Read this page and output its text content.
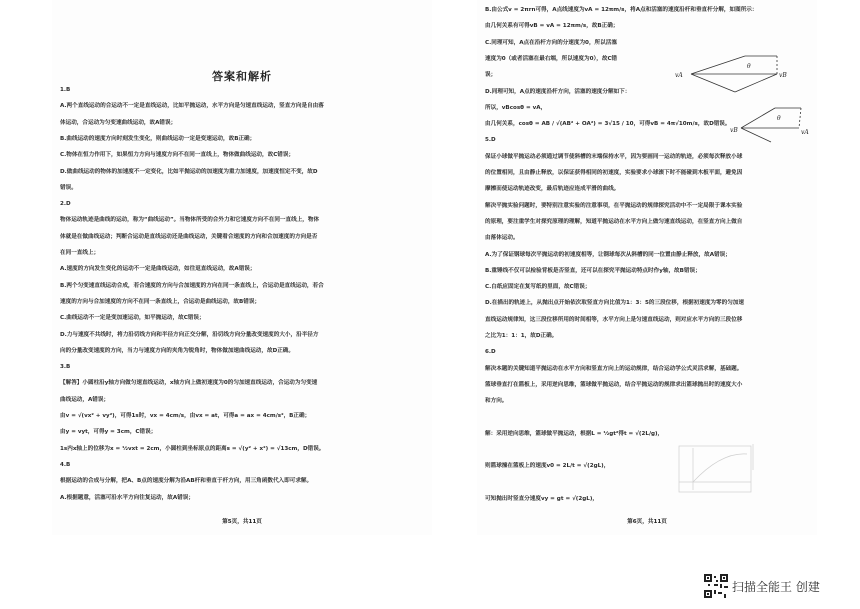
答案和解析

1.B

A.两个直线运动的合运动不一定是直线运动，比如平抛运动，水平方向是匀速直线运动，竖直方向是自由落

体运动，合运动为匀变速曲线运动，故A错误；

B.曲线运动的速度方向时刻发生变化，则曲线运动一定是变速运动，故B正确；

C.物体在恒力作用下，如果恒力方向与速度方向不在同一直线上，物体做曲线运动，故C错误；

D.做曲线运动的物体的加速度不一定变化，比如平抛运动的加速度为重力加速度，加速度恒定不变，故D

错误。

2.D

物体运动轨迹是曲线的运动，称为“曲线运动”。当物体所受的合外力和它速度方向不在同一直线上，物体

体就是在做曲线运动；判断合运动是直线运动还是曲线运动，关键看合速度的方向和合加速度的方向是否

在同一直线上；

A.速度的方向发生变化的运动不一定是曲线运动，如往返直线运动，故A错误；

B.两个匀变速直线运动合成，若合速度的方向与合加速度的方向在同一条直线上，合运动是直线运动，若合

速度的方向与合加速度的方向不在同一条直线上，合运动是曲线运动，故B错误；

C.曲线运动不一定是变加速运动，如平抛运动，故C错误；

D.力与速度不共线时，将力沿切线方向和半径方向正交分解，沿切线方向分量改变速度的大小，沿半径方

向的分量改变速度的方向，当力与速度方向的夹角为锐角时，物体做加速曲线运动，故D正确。

3.B

【解答】小圆柱沿y轴方向做匀速直线运动，x轴方向上做初速度为0的匀加速直线运动，合运动为匀变速

曲线运动，A错误；

由v = √(vx² + vy²)，可得1s时，vx = 4cm/s，由vx = at，可得a = ax = 4cm/s²，B正确；

由y = vyt，可得y = 3cm，C错误；

1s内x轴上的位移为x = ½vxt = 2cm，小圆柱到坐标原点的距离s = √(y² + x²) = √13cm，D错误。

4.B

根据运动的合成与分解，把A、B点的速度分解为沿AB杆和垂直于杆方向，用三角函数代入即可求解。

A.根据题意，活塞可沿水平方向往复运动，故A错误；

第5页，共11页

B.由公式v = 2πrn可得，A点线速度为vA = 12πm/s，将A点和活塞的速度沿杆和垂直杆分解，如图所示：

由几何关系有可得vB = vA = 12πm/s，故B正确；

C.同理可知，A点在沿杆方向的分速度为0，所以活塞

速度为0（或者活塞在最右端，所以速度为0），故C错

误；

D.同理可知，A点的速度沿杆方向，活塞的速度分解如下：

所以，vBcosθ = vA，

由几何关系，cosθ = AB / √(AB² + OA²) = 3√15 / 10，可得vB = 4π√10m/s，故D错误。

5.D

保证小球做平抛运动必须通过调节使斜槽的末端保持水平，因为要画同一运动的轨迹，必须每次释放小球

的位置相同，且由静止释放，以保证获得相同的初速度，实验要求小球滚下时不能碰到木板平面，避免因

摩擦而使运动轨迹改变，最后轨迹应连成平滑的曲线。

解决平抛实验问题时，要特别注意实验的注意事项，在平抛运动的规律探究活动中不一定局限于课本实验

的原理，要注重学生对探究原理的理解，知道平抛运动在水平方向上做匀速直线运动，在竖直方向上做自

由落体运动。

A.为了保证钢球每次平抛运动的初速度相等，让钢球每次从斜槽的同一位置由静止释放，故A错误；

B.重锤线不仅可以检验背板是否竖直，还可以在探究平抛运动特点时作y轴，故B错误；

C.白纸应固定在复写纸的里面，故C错误；

D.在描出的轨迹上，从抛出点开始依次取竖直方向比值为1：3：5的三段位移，根据初速度为零的匀加速

直线运动规律知，这三段位移所用的时间相等，水平方向上是匀速直线运动，则对应水平方向的三段位移

之比为1：1：1，故D正确。

6.D

解决本题的关键知道平抛运动在水平方向和竖直方向上的运动规律，结合运动学公式灵活求解，基础题。

篮球垂直打在篮板上，采用逆向思维，篮球做平抛运动，结合平抛运动的规律求出篮球抛出时的速度大小

和方向。

解：采用逆向思维，篮球做平抛运动，根据L = ½gt²得t = √(2L/g)，

则篮球撞在篮板上的速度v0 = 2L/t = √(2gL)，

可知抛出时竖直分速度vy = gt = √(2gL)，

vA
θ
vB
θ
vB	vA
第6页，共11页
扫描全能王 创建
